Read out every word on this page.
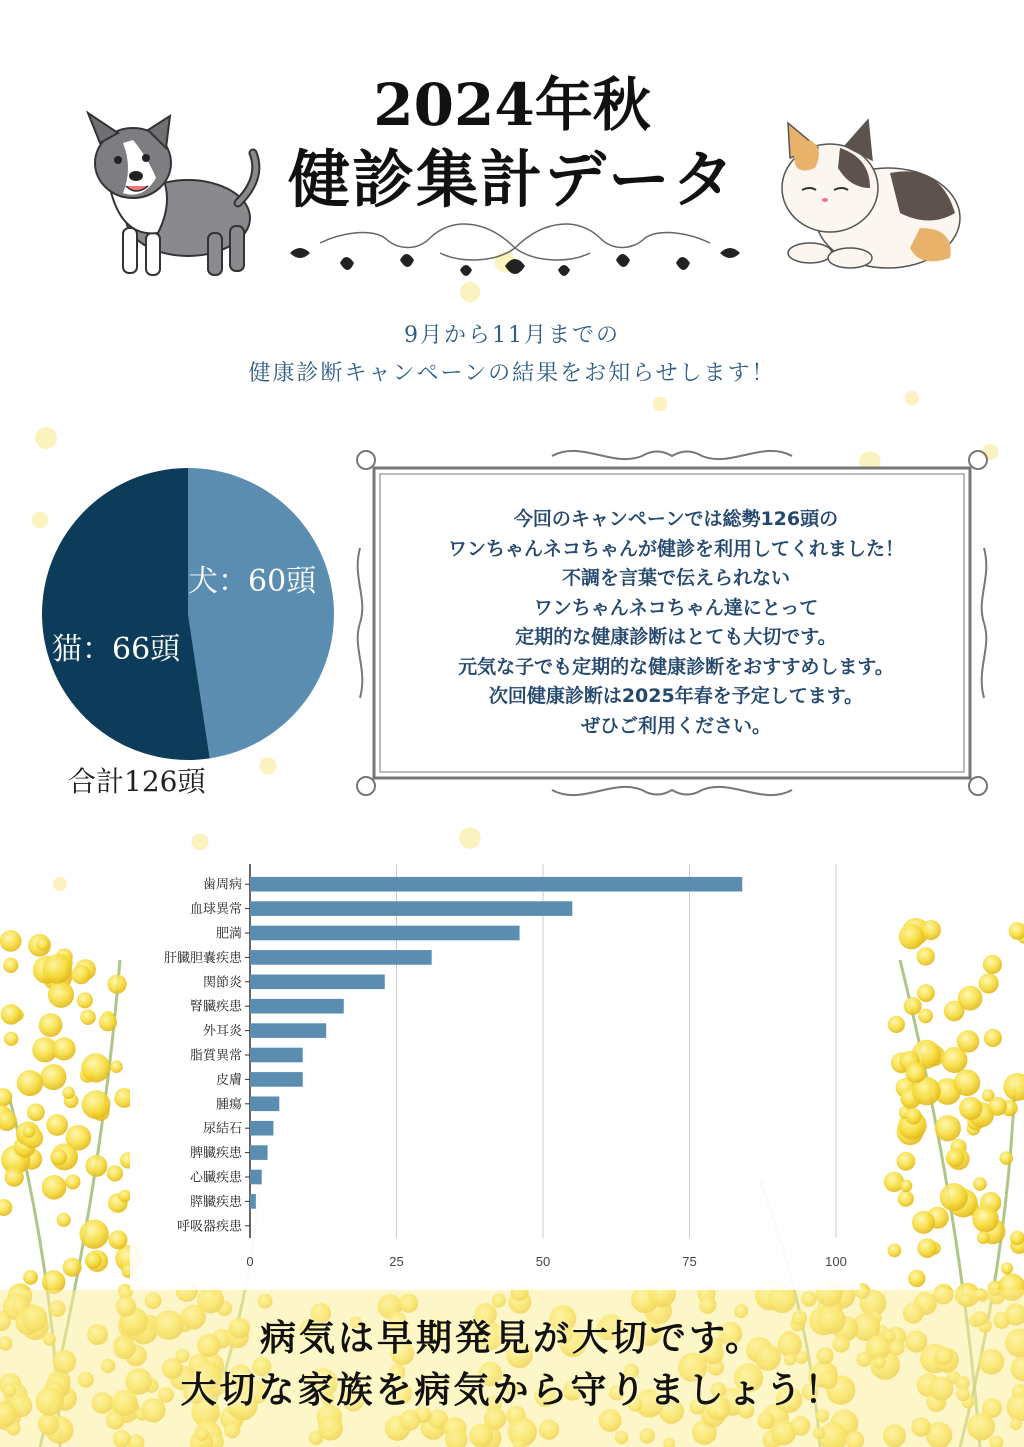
2024年秋
健診集計データ
9月から11月までの
健康診断キャンペーンの結果をお知らせします！
犬：60頭
猫：66頭
合計126頭
今回のキャンペーンでは総勢126頭の
ワンちゃんネコちゃんが健診を利用してくれました！
不調を言葉で伝えられない
ワンちゃんネコちゃん達にとって
定期的な健康診断はとても大切です。
元気な子でも定期的な健康診断をおすすめします。
次回健康診断は2025年春を予定してます。
ぜひご利用ください。
0	25	50	75	100
歯周病
血球異常
肥満
肝臓胆嚢疾患
関節炎
腎臓疾患
外耳炎
脂質異常
皮膚
腫瘍
尿結石
脾臓疾患
心臓疾患
膵臓疾患
呼吸器疾患
病気は早期発見が大切です。
大切な家族を病気から守りましょう！
